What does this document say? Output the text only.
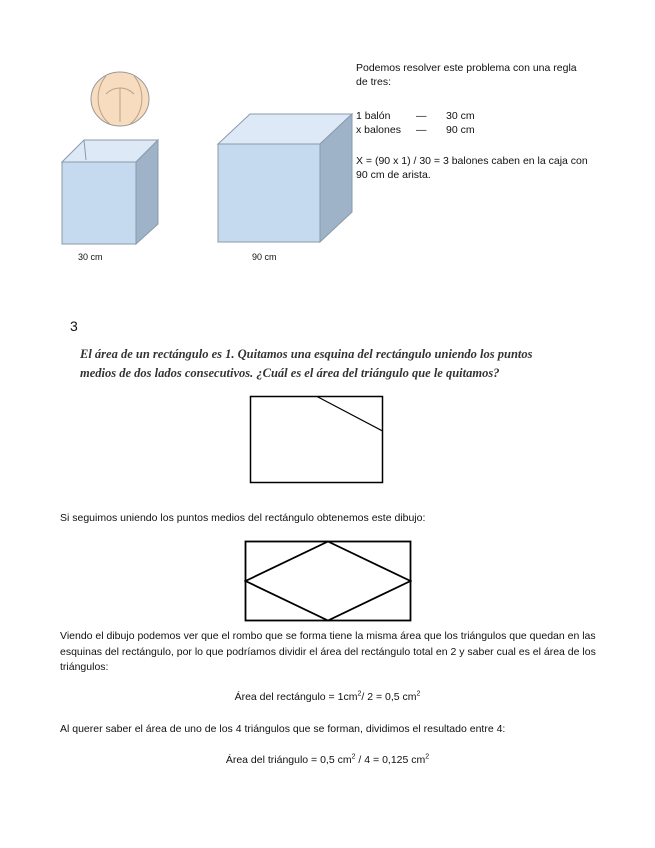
30 cm	90 cm
Podemos resolver este problema con una regla de tres:
1 balón — 30 cm
x balones — 90 cm
X = (90 x 1) / 30 = 3 balones caben en la caja con 90 cm de arista.
3
El área de un rectángulo es 1. Quitamos una esquina del rectángulo uniendo los puntos
medios de dos lados consecutivos. ¿Cuál es el área del triángulo que le quitamos?
Si seguimos uniendo los puntos medios del rectángulo obtenemos este dibujo:
Viendo el dibujo podemos ver que el rombo que se forma tiene la misma área que los triángulos que quedan en las esquinas del rectángulo, por lo que podríamos dividir el área del rectángulo total en 2 y saber cual es el área de los triángulos:
Área del rectángulo = $1cm^2/$ 2 = 0,5 $cm^2$
Al querer saber el área de uno de los 4 triángulos que se forman, dividimos el resultado entre 4:
Área del triángulo = 0,5 $cm^2 / 4 = 0,125$ $cm^2$
